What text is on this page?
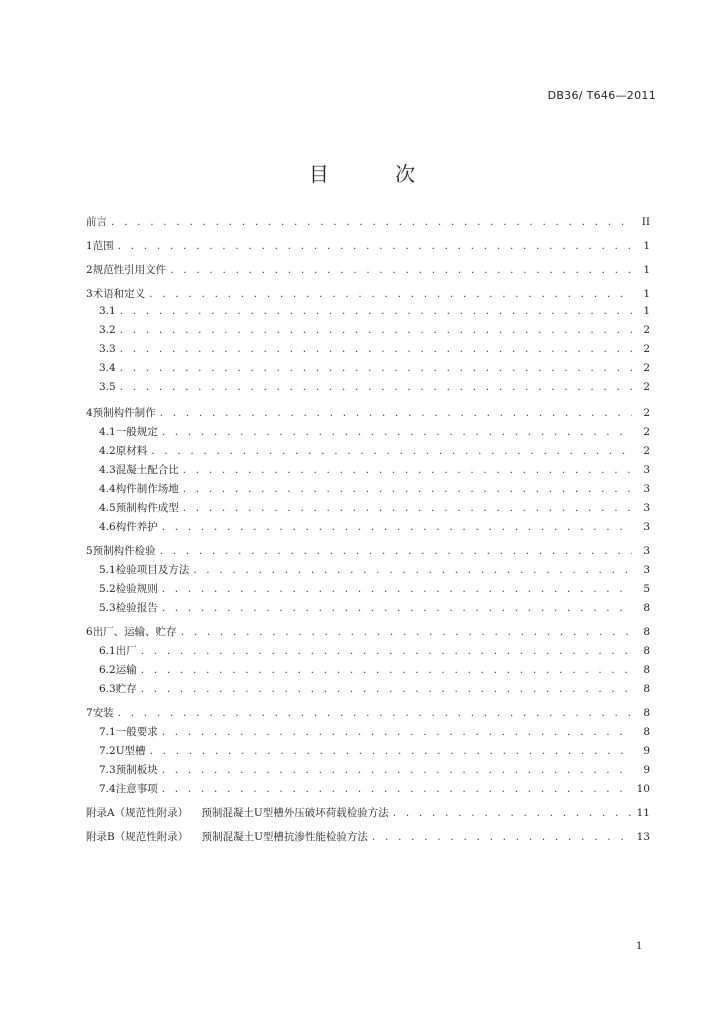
DB36/ T646—2011
目 次
前言 . . .	II
1 范围 . . .	1
2 规范性引用文件 . . .	1
3 术语和定义 . . .	1
3.1 . . .	1
3.2 . . .	2
3.3 . . .	2
3.4 . . .	2
3.5 . . .	2
4 预制构件制作 . . .	2
4.1 一般规定 . . .	2
4.2 原材料 . . .	2
4.3 混凝土配合比 . . .	3
4.4 构件制作场地 . . .	3
4.5 预制构件成型 . . .	3
4.6 构件养护 . . .	3
5 预制构件检验 . . .	3
5.1 检验项目及方法 . . .	3
5.2 检验规则 . . .	5
5.3 检验报告 . . .	8
6 出厂、运输、贮存 . . .	8
6.1 出厂 . . .	8
6.2 运输 . . .	8
6.3 贮存 . . .	8
7 安装 . . .	8
7.1 一般要求 . . .	8
7.2 U型槽 . . .	9
7.3 预制板块 . . .	9
7.4 注意事项 . . .	10
附录A（规范性附录）    预制混凝土U型槽外压破坏荷载检验方法 . . .	11
附录B（规范性附录）    预制混凝土U型槽抗渗性能检验方法 . . .	13
1
